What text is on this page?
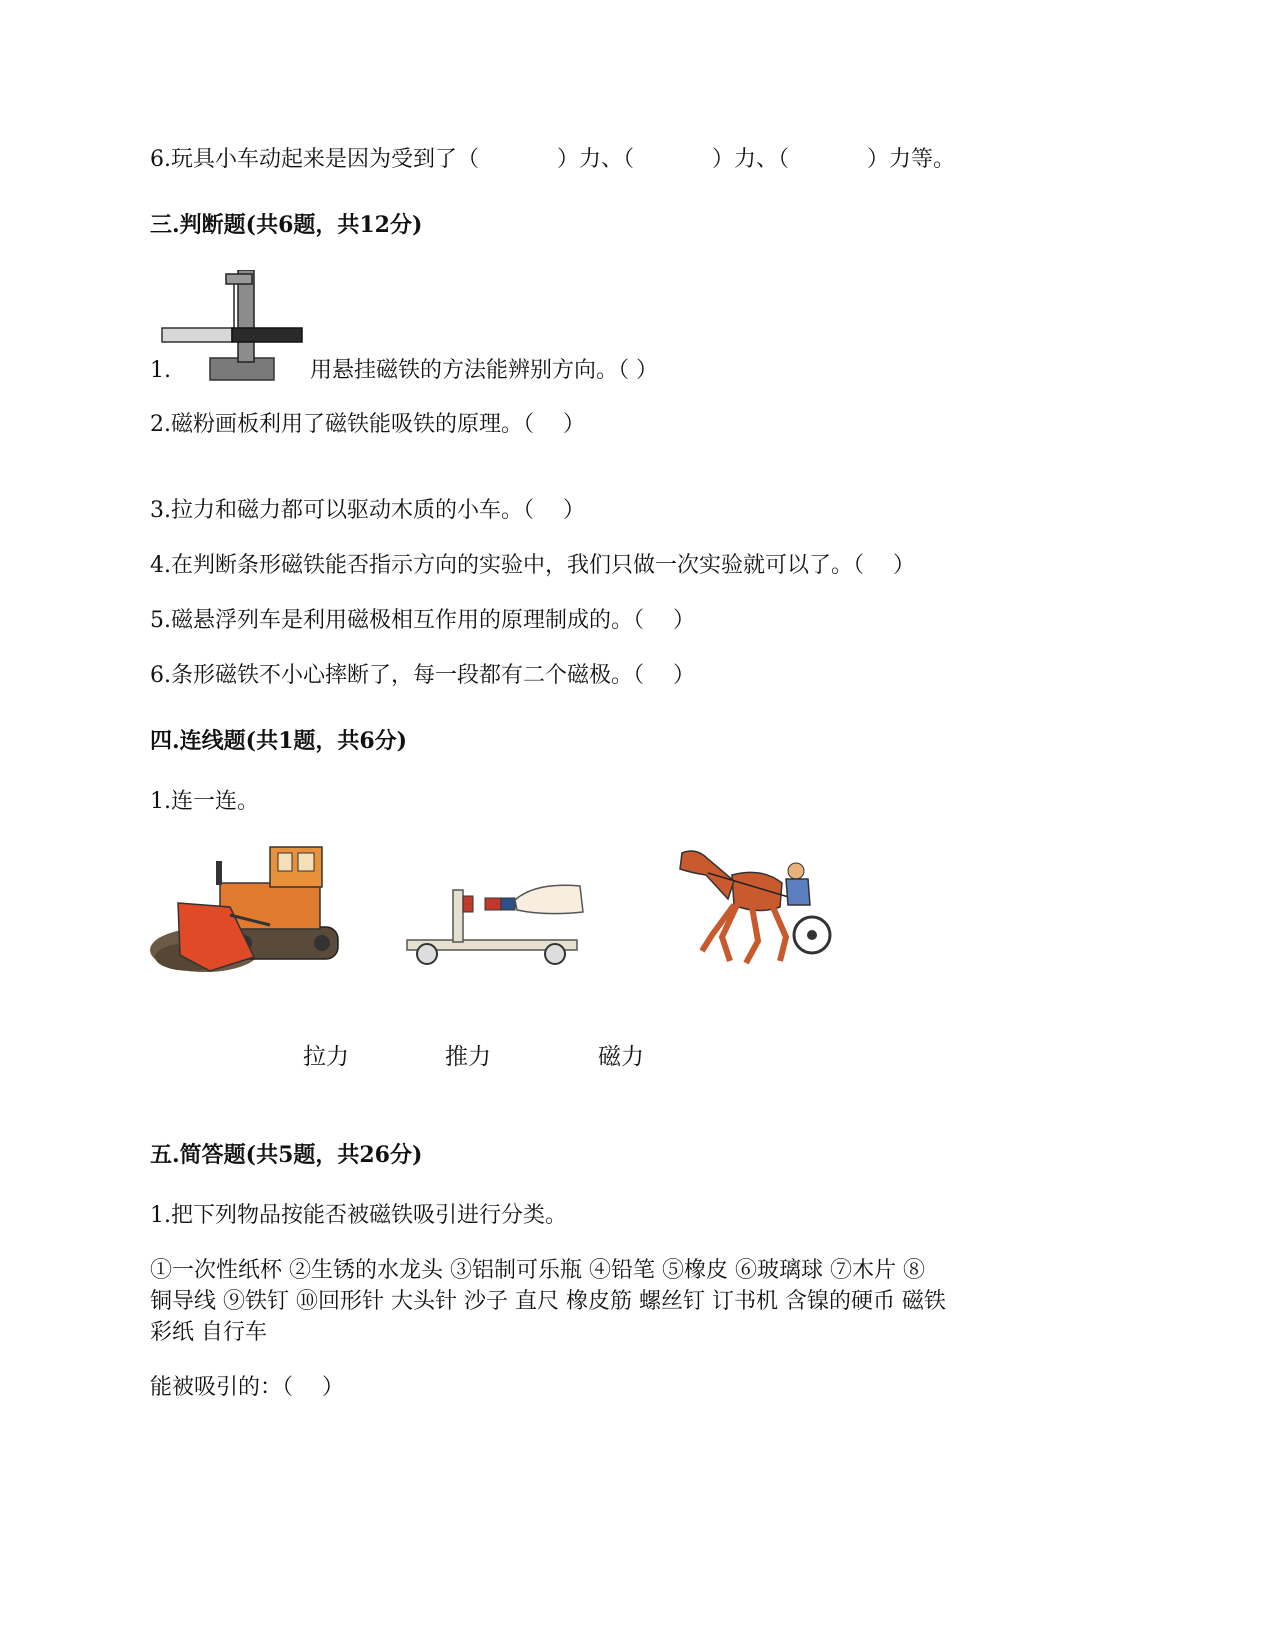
6.玩具小车动起来是因为受到了（	）力、（	）力、（	）力等。
三.判断题(共6题，共12分)
1.	用悬挂磁铁的方法能辨别方向。（ ）
2.磁粉画板利用了磁铁能吸铁的原理。（　 ）
3.拉力和磁力都可以驱动木质的小车。（　 ）
4.在判断条形磁铁能否指示方向的实验中，我们只做一次实验就可以了。（　 ）
5.磁悬浮列车是利用磁极相互作用的原理制成的。（　 ）
6.条形磁铁不小心摔断了，每一段都有二个磁极。（　 ）
四.连线题(共1题，共6分)
1.连一连。
拉力	推力	磁力
五.简答题(共5题，共26分)
1.把下列物品按能否被磁铁吸引进行分类。
①一次性纸杯 ②生锈的水龙头 ③铝制可乐瓶 ④铅笔 ⑤橡皮 ⑥玻璃球 ⑦木片 ⑧
铜导线 ⑨铁钉 ⑩回形针 大头针 沙子 直尺 橡皮筋 螺丝钉 订书机 含镍的硬币 磁铁
彩纸 自行车
能被吸引的：（　 ）
